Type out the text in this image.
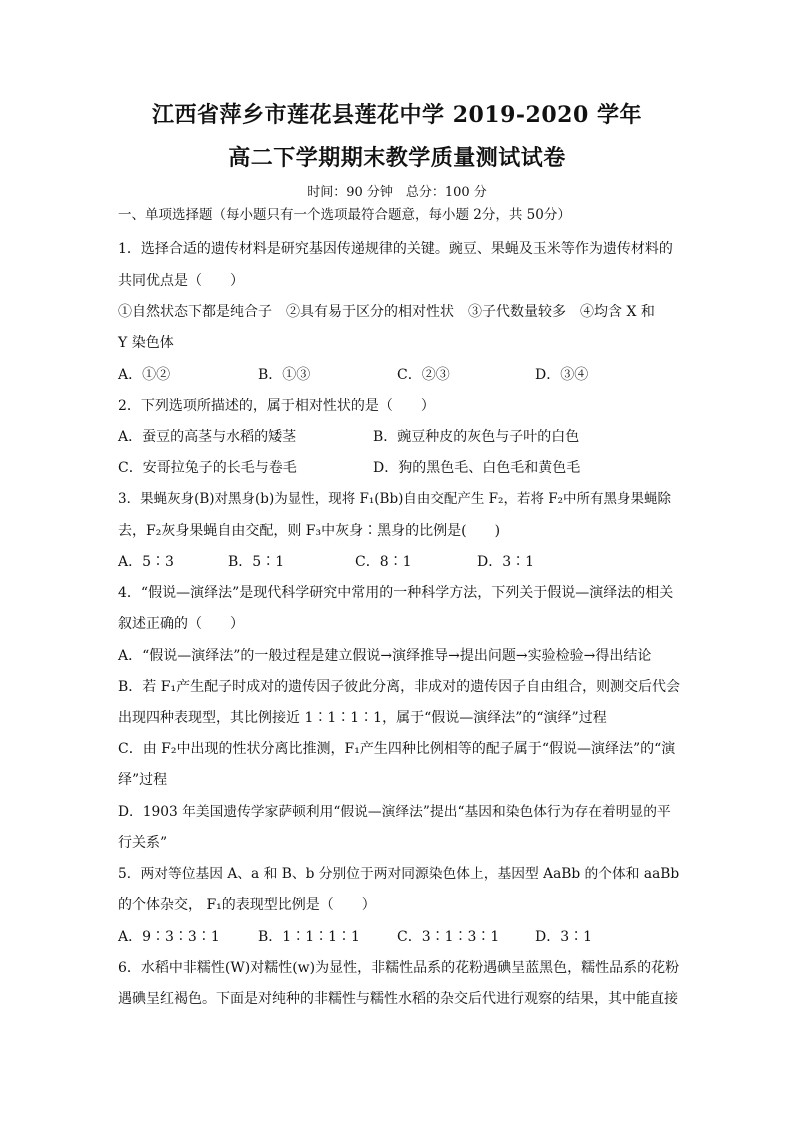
江西省萍乡市莲花县莲花中学 2019-2020 学年
高二下学期期末教学质量测试试卷
时间：90 分钟　总分：100 分
一、单项选择题（每小题只有一个选项最符合题意，每小题 2分，共 50分）
1．选择合适的遗传材料是研究基因传递规律的关键。豌豆、果蝇及玉米等作为遗传材料的
共同优点是（　　）
①自然状态下都是纯合子　②具有易于区分的相对性状　③子代数量较多　④均含 X 和
Y 染色体
A．①②	B．①③	C．②③	D．③④
2．下列选项所描述的，属于相对性状的是（　　）
A．蚕豆的高茎与水稻的矮茎	B．豌豆种皮的灰色与子叶的白色
C．安哥拉兔子的长毛与卷毛	D．狗的黑色毛、白色毛和黄色毛
3．果蝇灰身(B)对黑身(b)为显性，现将 F₁(Bb)自由交配产生 F₂，若将 F₂中所有黑身果蝇除
去，F₂灰身果蝇自由交配，则 F₃中灰身∶黑身的比例是(　　)
A．5∶3	B．5∶1	C．8∶1	D．3∶1
4．“假说—演绎法”是现代科学研究中常用的一种科学方法，下列关于假说—演绎法的相关
叙述正确的（　　）
A．“假说—演绎法”的一般过程是建立假说→演绎推导→提出问题→实验检验→得出结论
B．若 F₁产生配子时成对的遗传因子彼此分离，非成对的遗传因子自由组合，则测交后代会
出现四种表现型，其比例接近 1∶1∶1∶1，属于“假说—演绎法”的“演绎”过程
C．由 F₂中出现的性状分离比推测，F₁产生四种比例相等的配子属于“假说—演绎法”的“演
绎”过程
D．1903 年美国遗传学家萨顿利用“假说—演绎法”提出“基因和染色体行为存在着明显的平
行关系”
5．两对等位基因 A、a 和 B、b 分别位于两对同源染色体上，基因型 AaBb 的个体和 aaBb
的个体杂交， F₁的表现型比例是（　　）
A．9∶3∶3∶1	B．1∶1∶1∶1	C．3∶1∶3∶1	D．3∶1
6．水稻中非糯性(W)对糯性(w)为显性，非糯性品系的花粉遇碘呈蓝黑色，糯性品系的花粉
遇碘呈红褐色。下面是对纯种的非糯性与糯性水稻的杂交后代进行观察的结果，其中能直接
